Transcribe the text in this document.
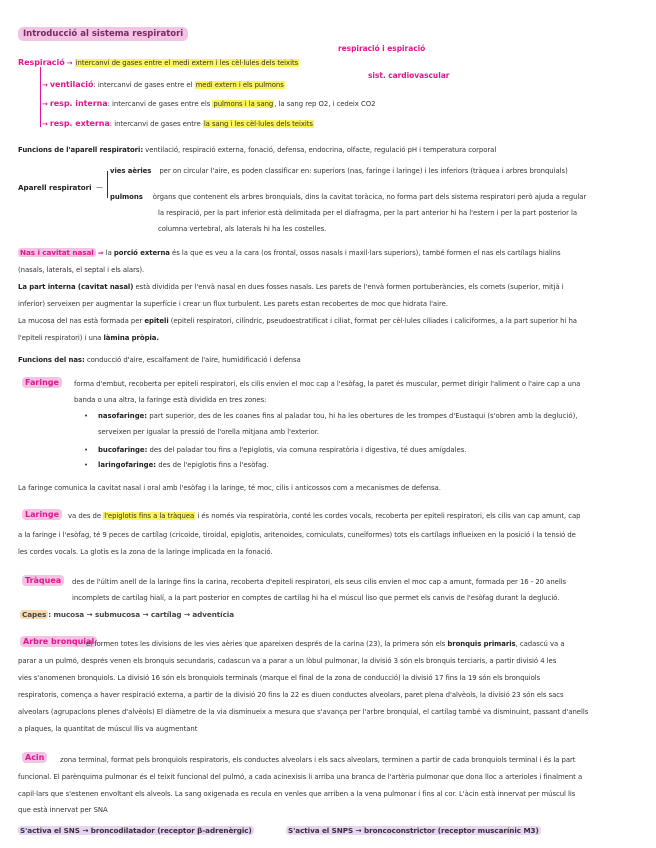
Introducció al sistema respiratori
Respiració → intercanvi de gases entre el medi extern i les cèl·lules dels teixits
respiració i espiració
sist. cardiovascular
→ ventilació: intercanvi de gases entre el medi extern i els pulmons
→ resp. interna: intercanvi de gases entre els pulmons i la sang, la sang rep O2, i cedeix CO2
→ resp. externa: intercanvi de gases entre la sang i les cèl·lules dels teixits
Funcions de l'aparell respiratori: ventilació, respiració externa, fonació, defensa, endocrina, olfacte, regulació pH i temperatura corporal
Aparell respiratori —
vies aèries per on circular l'aire, es poden classificar en: superiors (nas, faringe i laringe) i les inferiors (tràquea i arbres bronquials)
pulmons òrgans que contenent els arbres bronquials, dins la cavitat toràcica, no forma part dels sistema respiratori però ajuda a regular
la respiració, per la part inferior està delimitada per el diafragma, per la part anterior hi ha l'estern i per la part posterior la
columna vertebral, als laterals hi ha les costelles.
Nas i cavitat nasal ⇒ la porció externa és la que es veu a la cara (os frontal, ossos nasals i maxil·lars superiors), també formen el nas els cartílags hialins
(nasals, laterals, el septal i els alars).
La part interna (cavitat nasal) està dividida per l'envà nasal en dues fosses nasals. Les parets de l'envà formen portuberàncies, els cornets (superior, mitjà i
inferior) serveixen per augmentar la superfície i crear un flux turbulent. Les parets estan recobertes de moc que hidrata l'aire.
La mucosa del nas està formada per epiteli (epiteli respiratori, cilíndric, pseudoestratificat i ciliat, format per cèl·lules ciliades i caliciformes, a la part superior hi ha
l'epiteli respiratori) i una làmina pròpia.
Funcions del nas: conducció d'aire, escalfament de l'aire, humidificació i defensa
Faringe	forma d'embut, recoberta per epiteli respiratori, els cilis envien el moc cap a l'esòfag, la paret és muscular, permet dirigir l'aliment o l'aire cap a una
banda o una altra, la faringe està dividida en tres zones:
• nasofaringe: part superior, des de les coanes fins al paladar tou, hi ha les obertures de les trompes d'Eustaqui (s'obren amb la deglució),
serveixen per igualar la pressió de l'orella mitjana amb l'exterior.
• bucofaringe: des del paladar tou fins a l'epiglotis, via comuna respiratòria i digestiva, té dues amígdales.
• laringofaringe: des de l'epiglotis fins a l'esòfag.
La faringe comunica la cavitat nasal i oral amb l'esòfag i la laringe, té moc, cilis i anticossos com a mecanismes de defensa.
Laringe	va des de l'epiglotis fins a la tràquea i és només via respiratòria, conté les cordes vocals, recoberta per epiteli respiratori, els cilis van cap amunt, cap
a la faringe i l'esòfag, té 9 peces de cartílag (cricoide, tiroidal, epiglotis, aritenoides, corniculats, cuneïformes) tots els cartílags influeixen en la posició i la tensió de
les cordes vocals. La glotis es la zona de la laringe implicada en la fonació.
Tràquea	des de l'últim anell de la laringe fins la carina, recoberta d'epiteli respiratori, els seus cilis envien el moc cap a amunt, formada per 16 - 20 anells
incomplets de cartílag hialí, a la part posterior en comptes de cartílag hi ha el múscul liso que permet els canvis de l'esòfag durant la deglució.
Capes : mucosa → submucosa → cartílag → adventícia
Arbre bronquial
el formen totes les divisions de les vies aèries que apareixen després de la carina (23), la primera són els bronquis primaris, cadascú va a
parar a un pulmó, després venen els bronquis secundaris, cadascun va a parar a un lòbul pulmonar, la divisió 3 són els bronquis terciaris, a partir divisió 4 les
vies s'anomenen bronquiols. La divisió 16 són els bronquiols terminals (marque el final de la zona de conducció) la divisió 17 fins la 19 són els bronquiols
respiratoris, comença a haver respiració externa, a partir de la divisió 20 fins la 22 es diuen conductes alveolars, paret plena d'alvèols, la divisió 23 són els sacs
alveolars (agrupacions plenes d'alvèols) El diàmetre de la via disminueix a mesura que s'avança per l'arbre bronquial, el cartílag també va disminuint, passant d'anells
a plaques, la quantitat de múscul llis va augmentant
Acin	zona terminal, format pels bronquiols respiratoris, els conductes alveolars i els sacs alveolars, terminen a partir de cada bronquiols terminal i és la part
funcional. El parènquima pulmonar és el teixit funcional del pulmó, a cada acinexisis li arriba una branca de l'artèria pulmonar que dona lloc a arterioles i finalment a
capil·lars que s'estenen envoltant els alveols. La sang oxigenada es recula en venles que arriben a la vena pulmonar i fins al cor. L'àcin està innervat per múscul lis
que està innervat per SNA
S'activa el SNS → broncodilatador (receptor β-adrenèrgic)	S'activa el SNPS → broncoconstrictor (receptor muscarínic M3)
